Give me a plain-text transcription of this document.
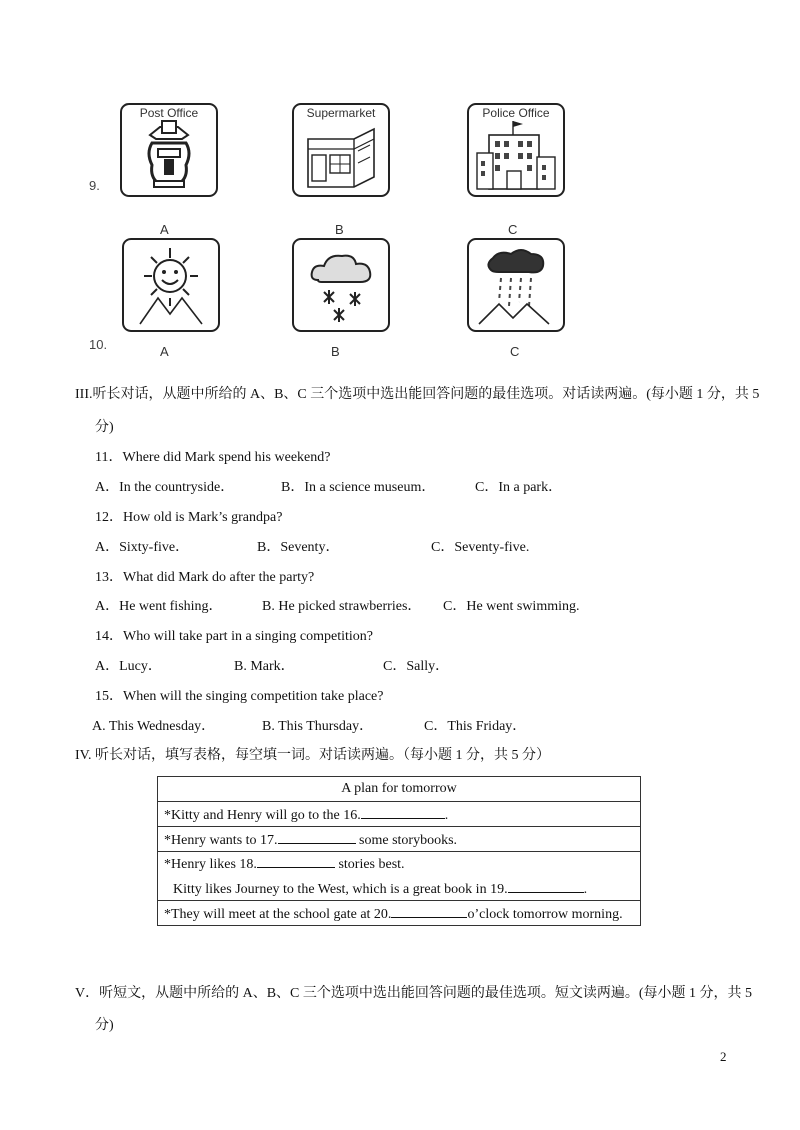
9.
Post Office	Supermarket	Police Office
A	B	C
10.	A	B	C
III.听长对话，从题中所给的 A、B、C 三个选项中选出能回答问题的最佳选项。对话读两遍。(每小题 1 分，共 5
分)
11．Where did Mark spend his weekend?
A．In the countryside．	B．In a science museum．	C．In a park．
12．How old is Mark’s grandpa?
A．Sixty-five．	B．Seventy．	C．Seventy-five.
13．What did Mark do after the party?
A．He went fishing．	B. He picked strawberries． C．He went swimming.
14．Who will take part in a singing competition?
A．Lucy．	B. Mark．	C．Sally．
15．When will the singing competition take place?
A. This Wednesday．	B. This Thursday．	C．This Friday．
IV. 听长对话，填写表格，每空填一词。对话读两遍。（每小题 1 分，共 5 分）
A plan for tomorrow
*Kitty and Henry will go to the 16.	.
*Henry wants to 17.	some storybooks.

*Henry likes 18.	stories best.
Kitty likes Journey to the West, which is a great book in 19.	.

*They will meet at the school gate at 20.	o’clock tomorrow morning.
V．听短文，从题中所给的 A、B、C 三个选项中选出能回答问题的最佳选项。短文读两遍。(每小题 1 分，共 5
分)
2
